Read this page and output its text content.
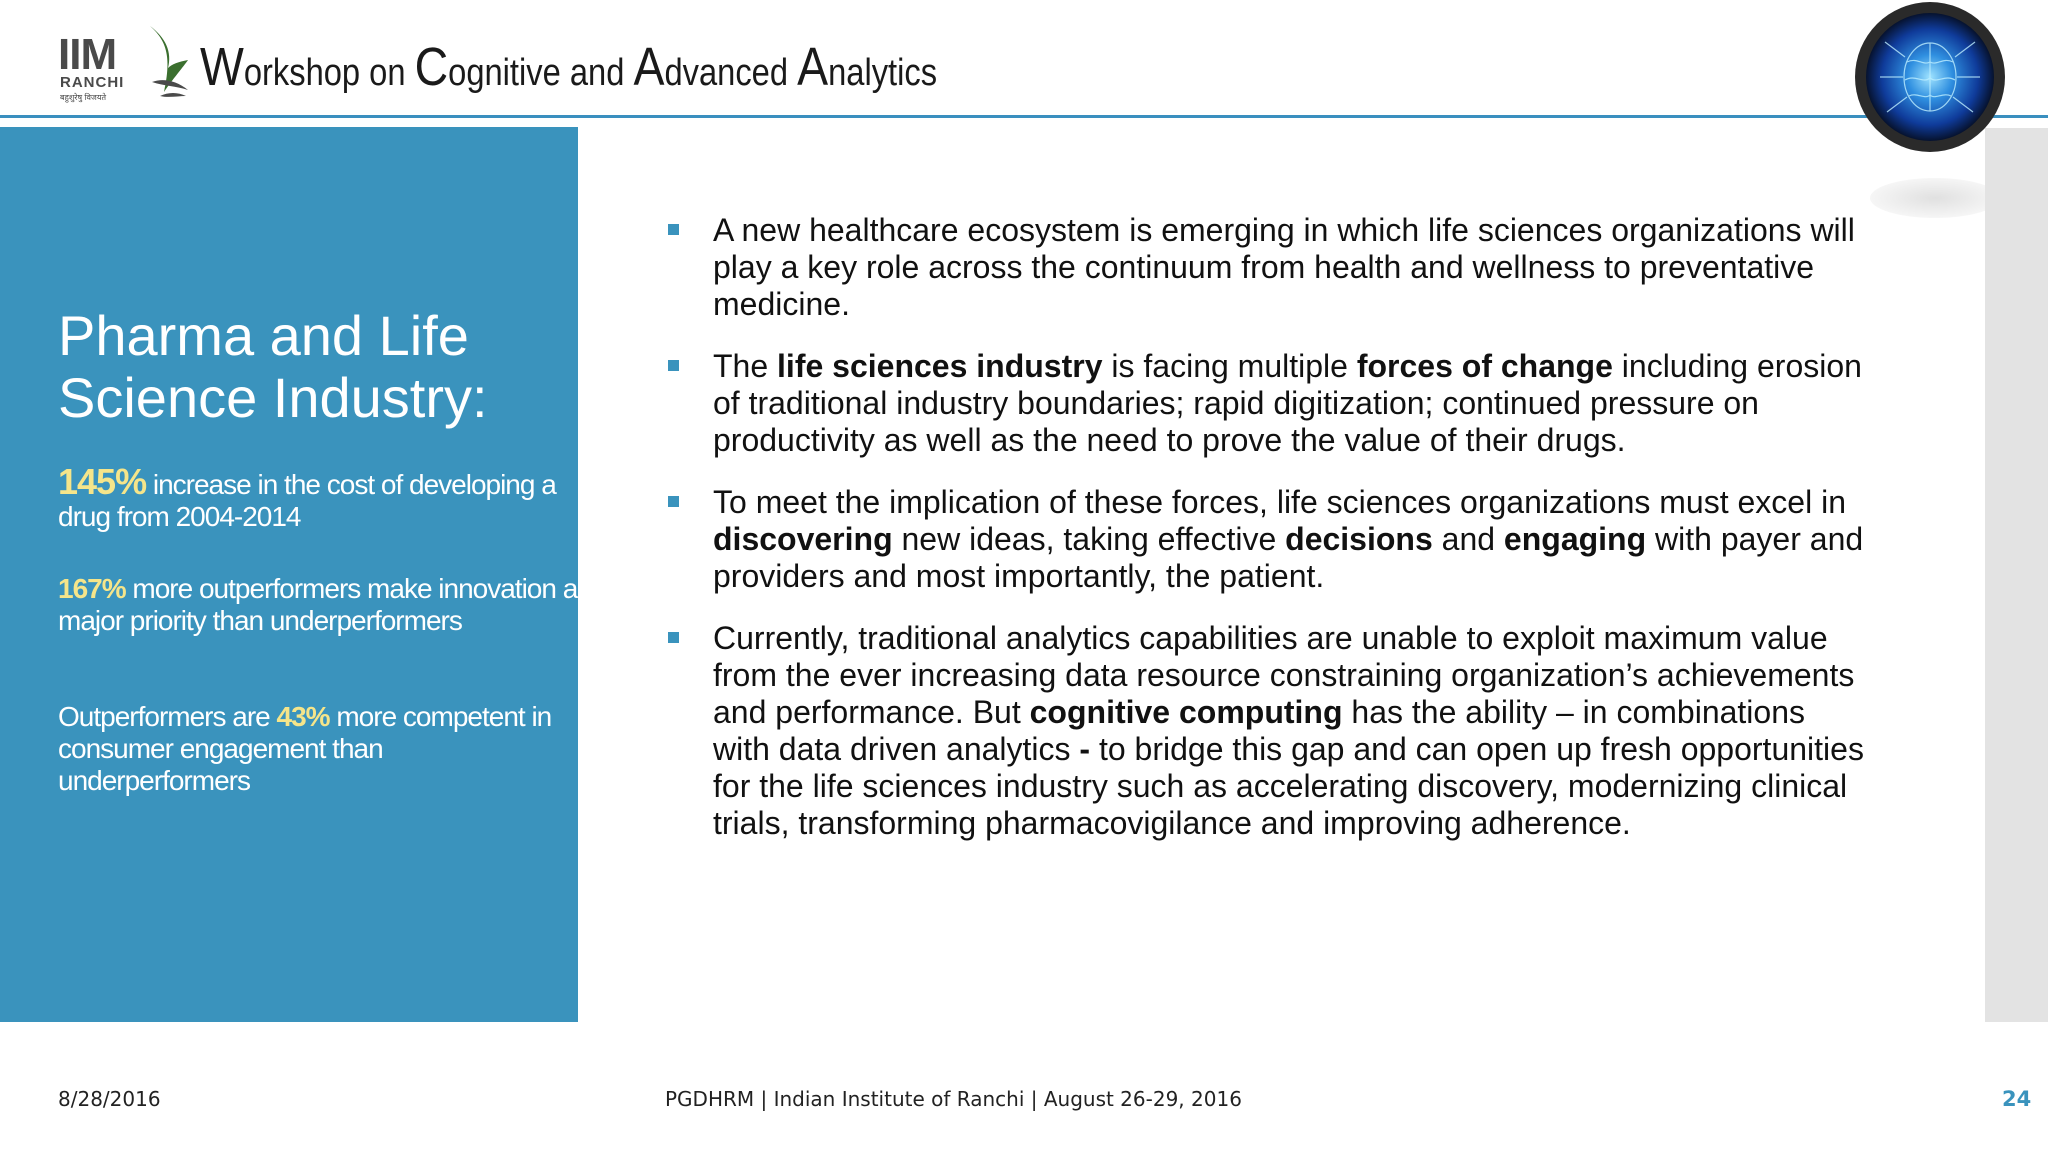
IIM
RANCHI
बहुशुरेषु विजयते
Workshop on Cognitive and Advanced Analytics
Pharma and Life Science Industry:
145% increase in the cost of developing a drug from 2004-2014
167% more outperformers make innovation a major priority than underperformers
Outperformers are 43% more competent in consumer engagement than underperformers
A new healthcare ecosystem is emerging in which life sciences organizations will play a key role across the continuum from health and wellness to preventative medicine.
The life sciences industry is facing multiple forces of change including erosion of traditional industry boundaries; rapid digitization; continued pressure on productivity as well as the need to prove the value of their drugs.
To meet the implication of these forces, life sciences organizations must excel in discovering new ideas, taking effective decisions and engaging with payer and providers and most importantly, the patient.
Currently, traditional analytics capabilities are unable to exploit maximum value from the ever increasing data resource constraining organization’s achievements and performance. But cognitive computing has the ability – in combinations with data driven analytics - to bridge this gap and can open up fresh opportunities for the life sciences industry such as accelerating discovery, modernizing clinical trials, transforming pharmacovigilance and improving adherence.
8/28/2016	PGDHRM | Indian Institute of Ranchi | August 26-29, 2016	24
